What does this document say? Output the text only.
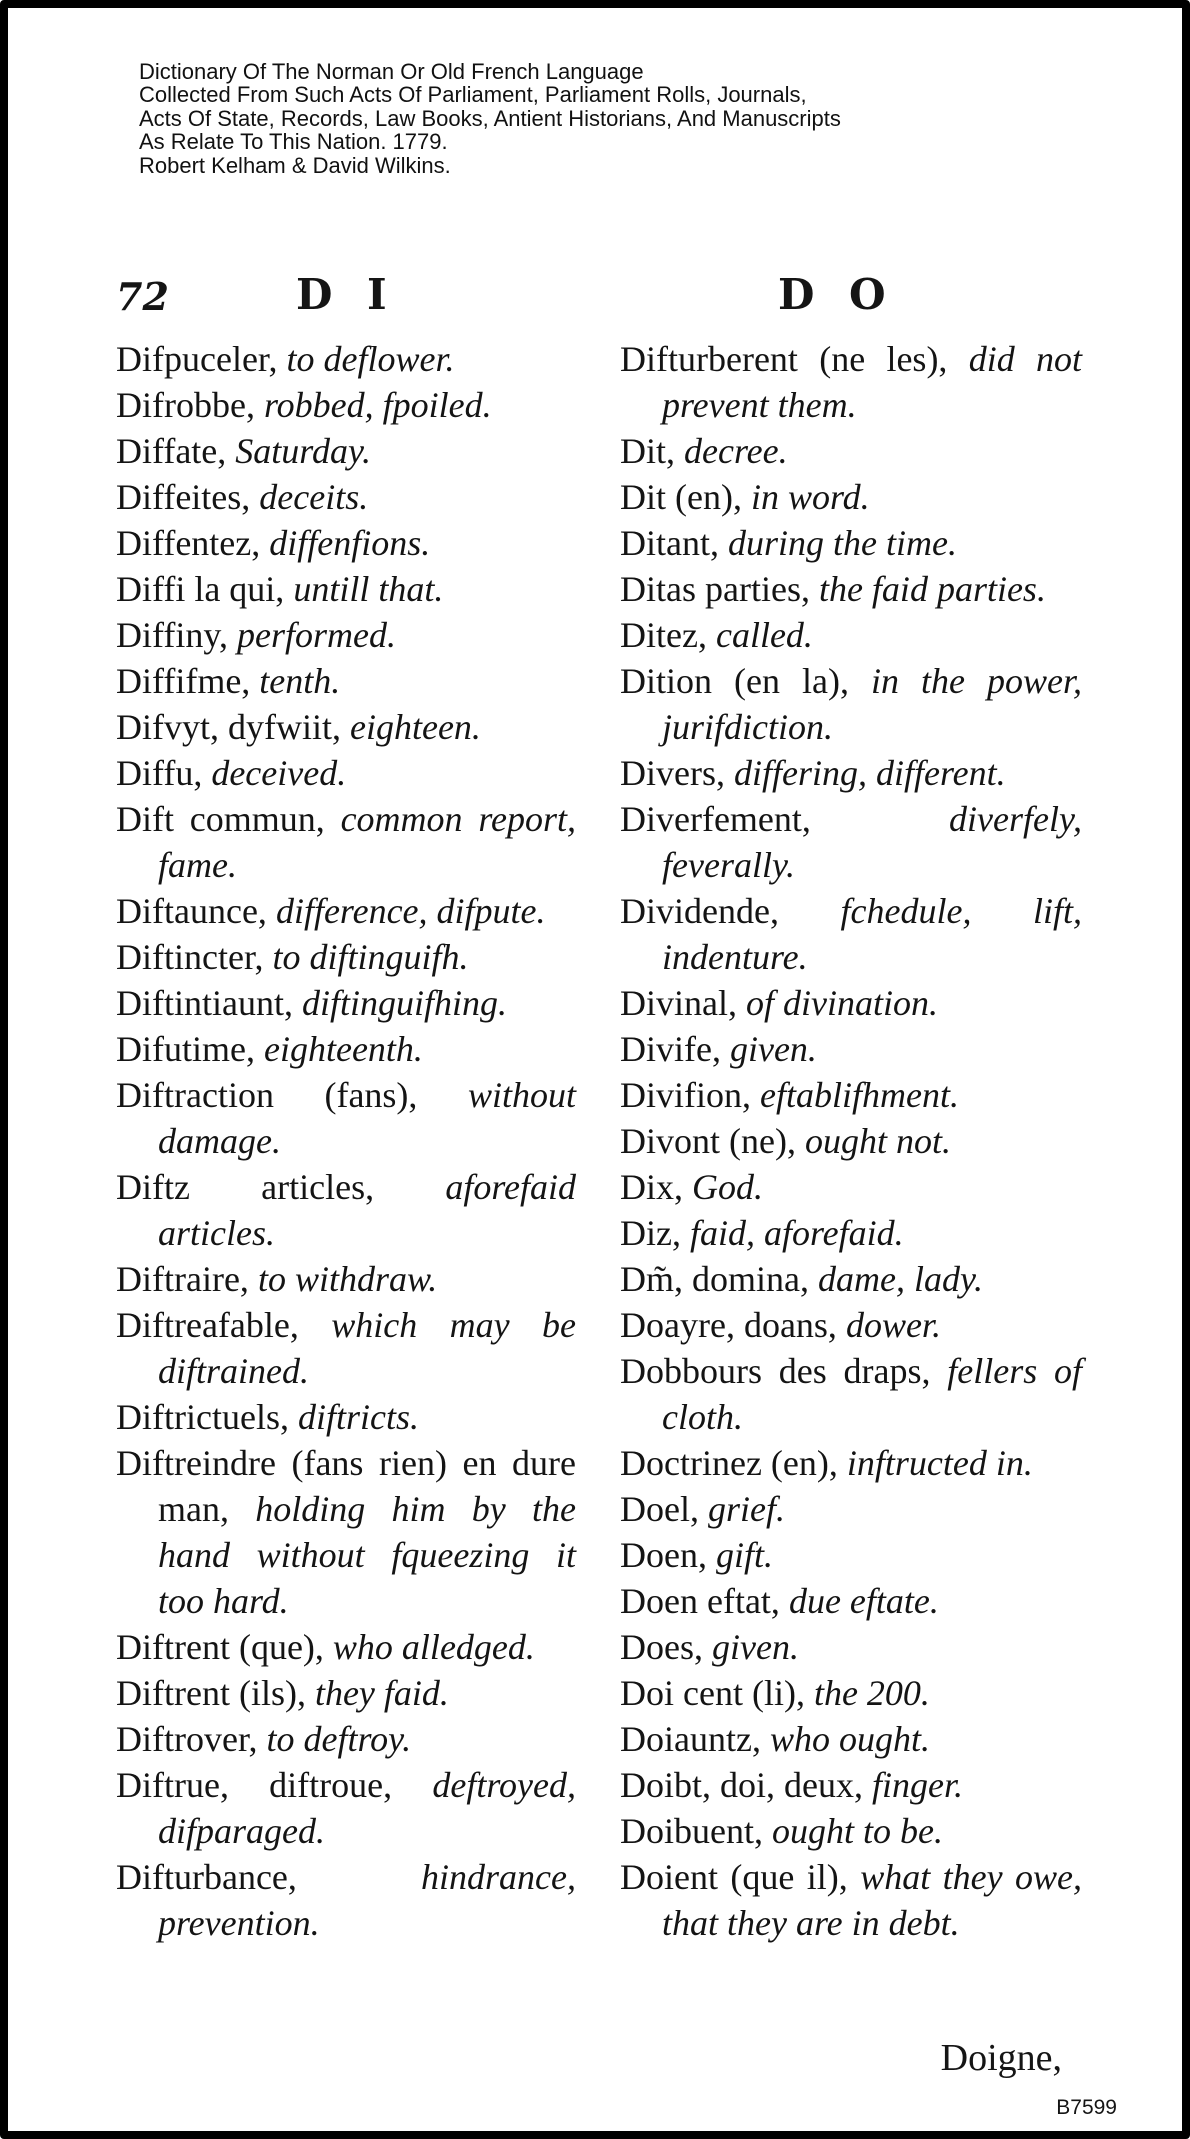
Dictionary Of The Norman Or Old French Language
Collected From Such Acts Of Parliament, Parliament Rolls, Journals,
Acts Of State, Records, Law Books, Antient Historians, And Manuscripts
As Relate To This Nation. 1779.
Robert Kelham & David Wilkins.
72	D I	D O
Difpuceler, to deflower.
Difrobbe, robbed, fpoiled.
Diffate, Saturday.
Diffeites, deceits.
Diffentez, diffenfions.
Diffi la qui, untill that.
Diffiny, performed.
Diffifme, tenth.
Difvyt, dyfwiit, eighteen.
Diffu, deceived.
Dift commun, common report, fame.
Diftaunce, difference, difpute.
Diftincter, to diftinguifh.
Diftintiaunt, diftinguifhing.
Difutime, eighteenth.
Diftraction (fans), without damage.
Diftz articles, aforefaid articles.
Diftraire, to withdraw.
Diftreafable, which may be diftrained.
Diftrictuels, diftricts.
Diftreindre (fans rien) en dure man, holding him by the hand without fqueezing it too hard.
Diftrent (que), who alledged.
Diftrent (ils), they faid.
Diftrover, to deftroy.
Diftrue, diftroue, deftroyed, difparaged.
Difturbance,	hindrance, prevention.
Difturberent (ne les), did not prevent them.
Dit, decree.
Dit (en), in word.
Ditant, during the time.
Ditas parties, the faid parties.
Ditez, called.
Dition (en la), in the power, jurifdiction.
Divers, differing, different.
Diverfement,	diverfely, feverally.
Dividende, fchedule, lift, indenture.
Divinal, of divination.
Divife, given.
Divifion, eftablifhment.
Divont (ne), ought not.
Dix, God.
Diz, faid, aforefaid.
Dm̃, domina, dame, lady.
Doayre, doans, dower.
Dobbours des draps, fellers of cloth.
Doctrinez (en), inftructed in.
Doel, grief.
Doen, gift.
Doen eftat, due eftate.
Does, given.
Doi cent (li), the 200.
Doiauntz, who ought.
Doibt, doi, deux, finger.
Doibuent, ought to be.
Doient (que il), what they owe, that they are in debt.
Doigne,
B7599
